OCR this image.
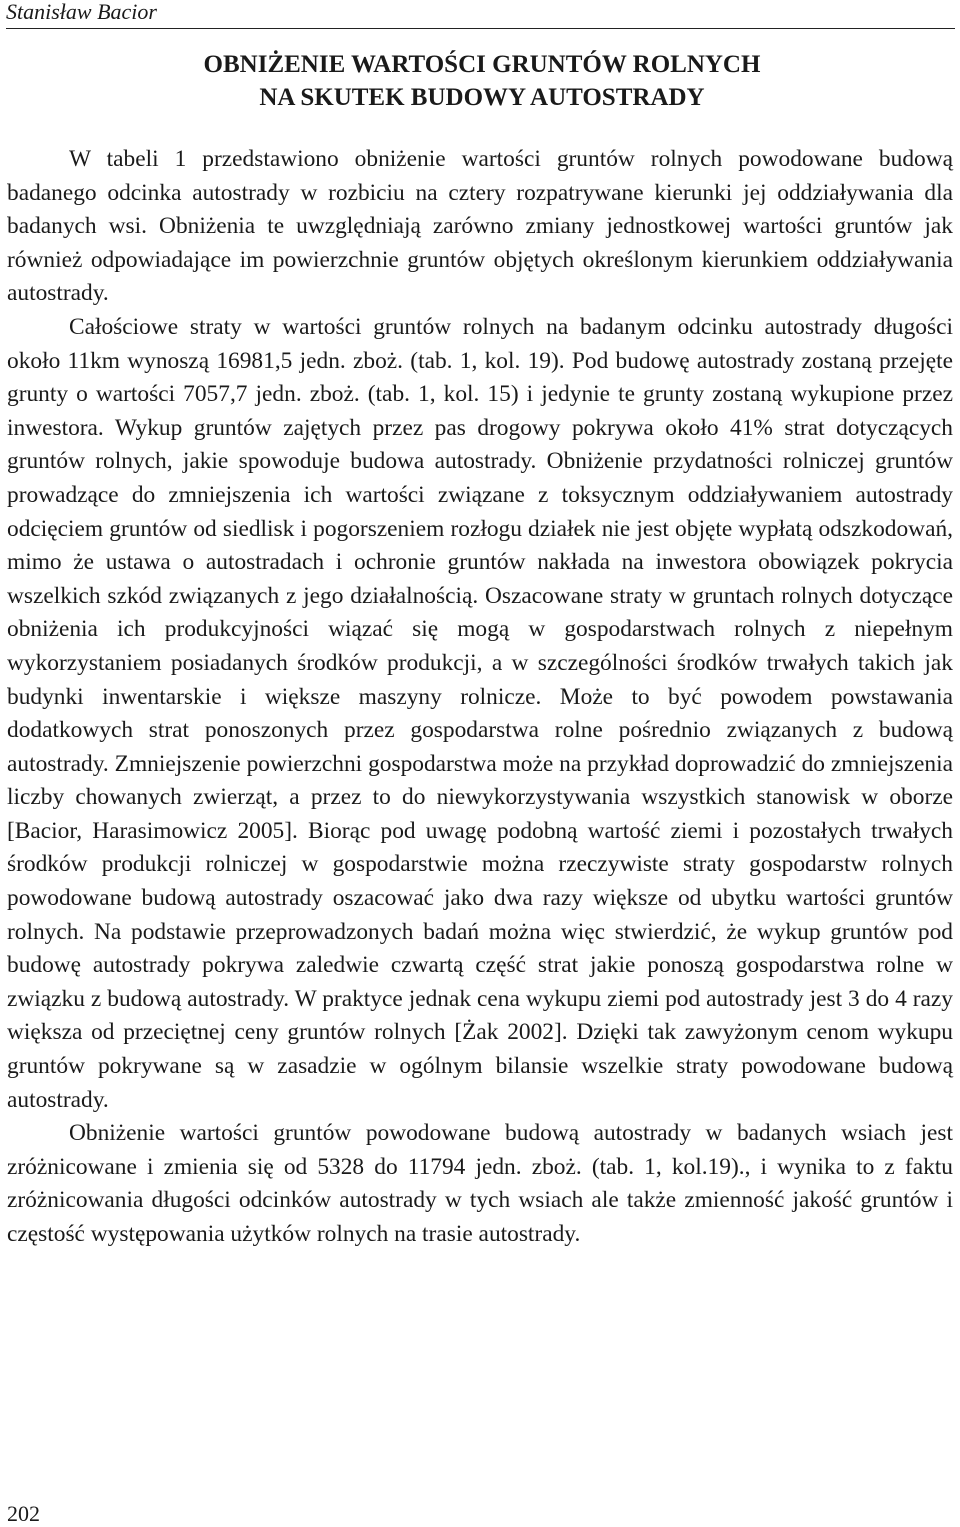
Stanisław Bacior
OBNIŻENIE WARTOŚCI GRUNTÓW ROLNYCH
NA SKUTEK BUDOWY AUTOSTRADY

W tabeli 1 przedstawiono obniżenie wartości gruntów rolnych powodowane budową badanego odcinka autostrady w rozbiciu na cztery rozpatrywane kierunki jej oddziaływania dla badanych wsi. Obniżenia te uwzględniają zarówno zmiany jednostkowej wartości gruntów jak również odpowiadające im powierzchnie gruntów objętych określonym kierunkiem oddziaływania autostrady.

Całościowe straty w wartości gruntów rolnych na badanym odcinku autostrady długości około 11km wynoszą 16981,5 jedn. zboż. (tab. 1, kol. 19). Pod budowę autostrady zostaną przejęte grunty o wartości 7057,7 jedn. zboż. (tab. 1, kol. 15) i jedynie te grunty zostaną wykupione przez inwestora. Wykup gruntów zajętych przez pas drogowy pokrywa około 41% strat dotyczących gruntów rolnych, jakie spowoduje budowa autostrady. Obniżenie przydatności rolniczej gruntów prowadzące do zmniejszenia ich wartości związane z toksycznym oddziaływaniem autostrady odcięciem gruntów od siedlisk i pogorszeniem rozłogu działek nie jest objęte wypłatą odszkodowań, mimo że ustawa o autostradach i ochronie gruntów nakłada na inwestora obowiązek pokrycia wszelkich szkód związanych z jego działalnością. Oszacowane straty w gruntach rolnych dotyczące obniżenia ich produkcyjności wiązać się mogą w gospodarstwach rolnych z niepełnym wykorzystaniem posiadanych środków produkcji, a w szczególności środków trwałych takich jak budynki inwentarskie i większe maszyny rolnicze. Może to być powodem powstawania dodatkowych strat ponoszonych przez gospodarstwa rolne pośrednio związanych z budową autostrady. Zmniejszenie powierzchni gospodarstwa może na przykład doprowadzić do zmniejszenia liczby chowanych zwierząt, a przez to do niewykorzystywania wszystkich stanowisk w oborze [Bacior, Harasimowicz 2005]. Biorąc pod uwagę podobną wartość ziemi i pozostałych trwałych środków produkcji rolniczej w gospodarstwie można rzeczywiste straty gospodarstw rolnych powodowane budową autostrady oszacować jako dwa razy większe od ubytku wartości gruntów rolnych. Na podstawie przeprowadzonych badań można więc stwierdzić, że wykup gruntów pod budowę autostrady pokrywa zaledwie czwartą część strat jakie ponoszą gospodarstwa rolne w związku z budową autostrady. W praktyce jednak cena wykupu ziemi pod autostrady jest 3 do 4 razy większa od przeciętnej ceny gruntów rolnych [Żak 2002]. Dzięki tak zawyżonym cenom wykupu gruntów pokrywane są w zasadzie w ogólnym bilansie wszelkie straty powodowane budową autostrady.

Obniżenie wartości gruntów powodowane budową autostrady w badanych wsiach jest zróżnicowane i zmienia się od 5328 do 11794 jedn. zboż. (tab. 1, kol.19)., i wynika to z faktu zróżnicowania długości odcinków autostrady w tych wsiach ale także zmienność jakość gruntów i częstość występowania użytków rolnych na trasie autostrady.

202
